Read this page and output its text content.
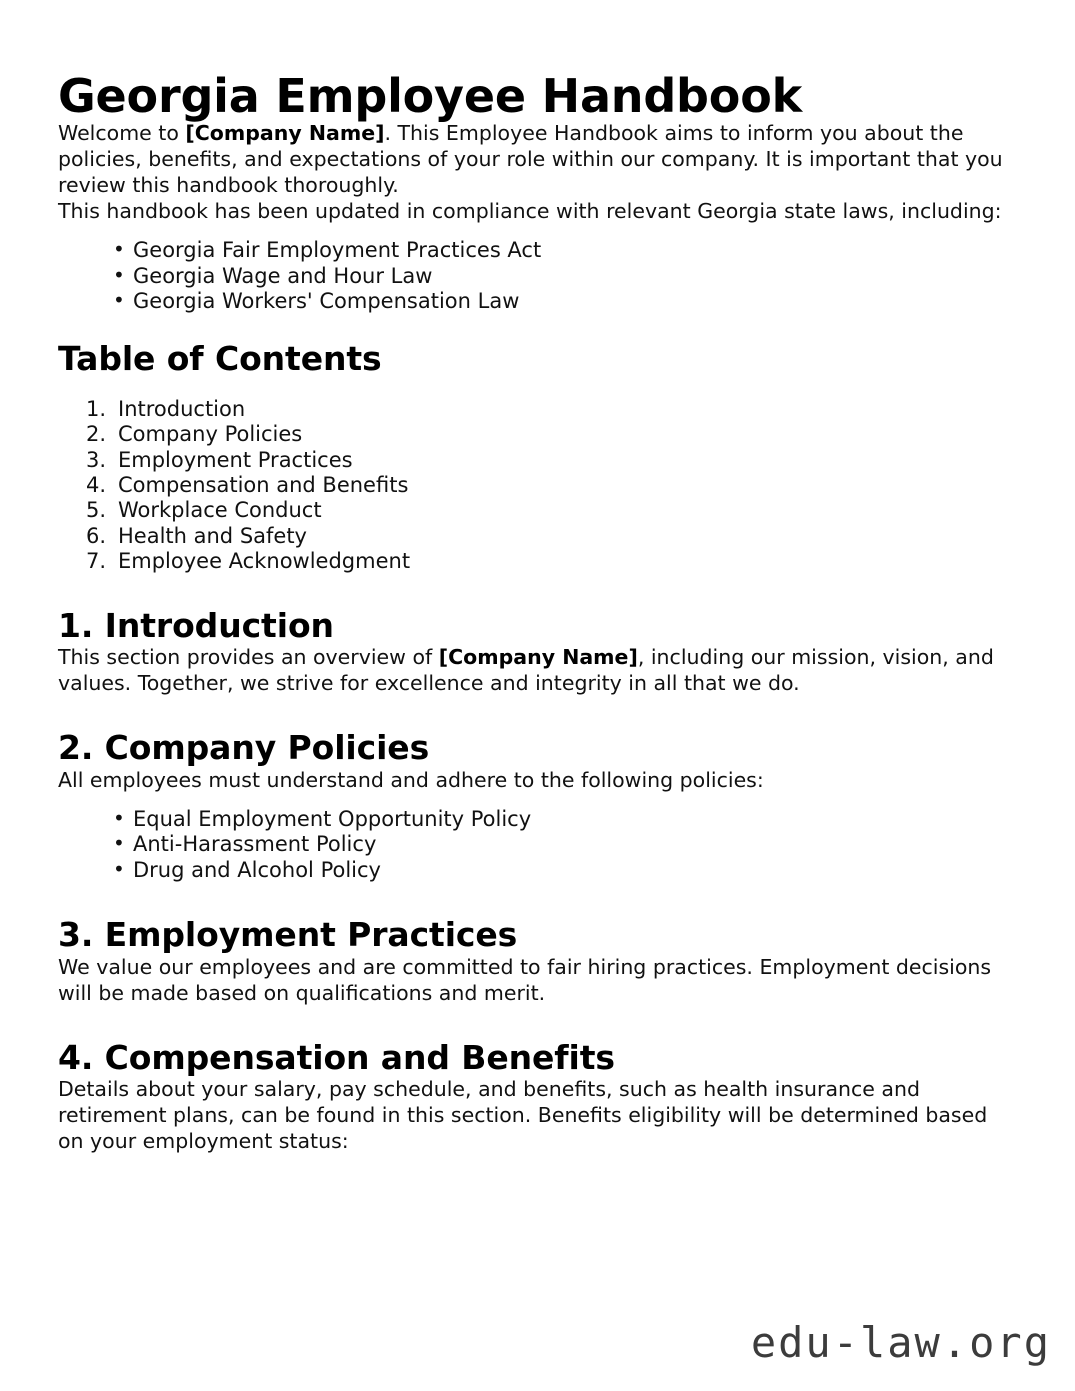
Georgia Employee Handbook

Welcome to [Company Name]. This Employee Handbook aims to inform you about the policies, benefits, and expectations of your role within our company. It is important that you review this handbook thoroughly.

This handbook has been updated in compliance with relevant Georgia state laws, including:

• Georgia Fair Employment Practices Act
• Georgia Wage and Hour Law
• Georgia Workers' Compensation Law
Table of Contents
Introduction
Company Policies
Employment Practices
Compensation and Benefits
Workplace Conduct
Health and Safety
Employee Acknowledgment
1. Introduction

This section provides an overview of [Company Name], including our mission, vision, and values. Together, we strive for excellence and integrity in all that we do.

2. Company Policies

All employees must understand and adhere to the following policies:

• Equal Employment Opportunity Policy
• Anti-Harassment Policy
• Drug and Alcohol Policy
3. Employment Practices

We value our employees and are committed to fair hiring practices. Employment decisions will be made based on qualifications and merit.

4. Compensation and Benefits

Details about your salary, pay schedule, and benefits, such as health insurance and retirement plans, can be found in this section. Benefits eligibility will be determined based on your employment status:

edu-law.org
